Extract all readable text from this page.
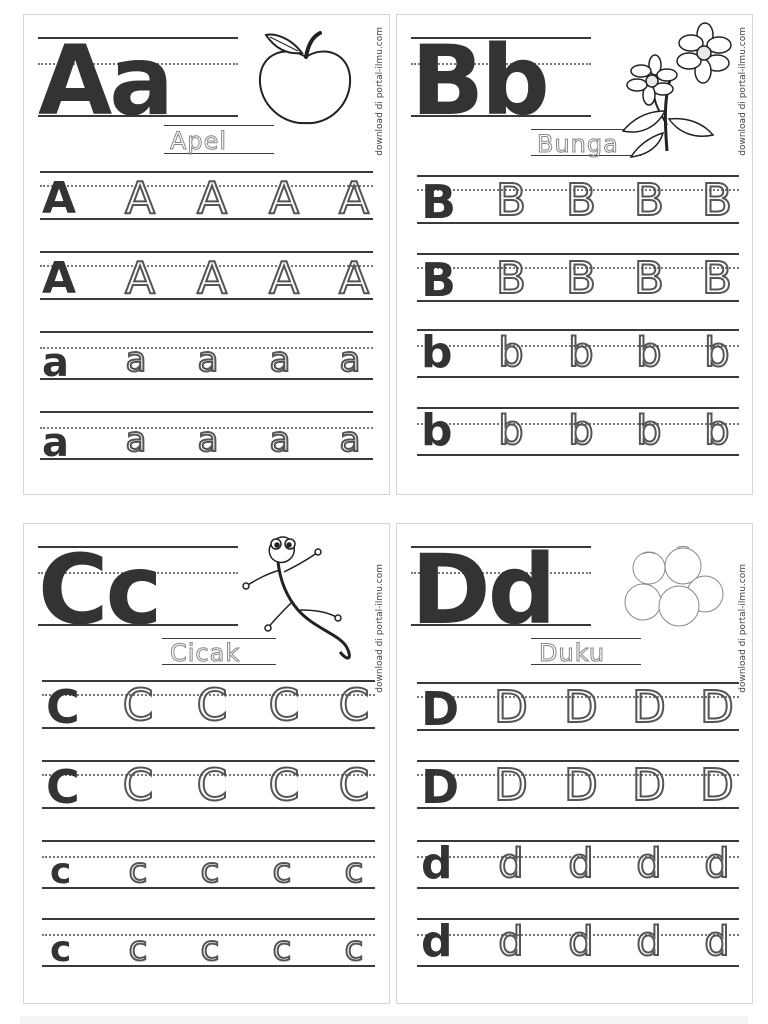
Aa
Apel	download di portal-ilmu.com
A A A A A
A A A A A
a	a	a	a	a
a	a	a	a	a
Bb
Bunga	download di portal-ilmu.com
B B B B B
B B B B B
b b b b b
b b b b b
Cc
Cicak	download di portal-ilmu.com
C C C C C
C C C C C
c	c	c	c	c
c	c	c	c	c
Dd
Duku	download di portal-ilmu.com
D D D D D
D D D D D
d d d d d
d d d d d
